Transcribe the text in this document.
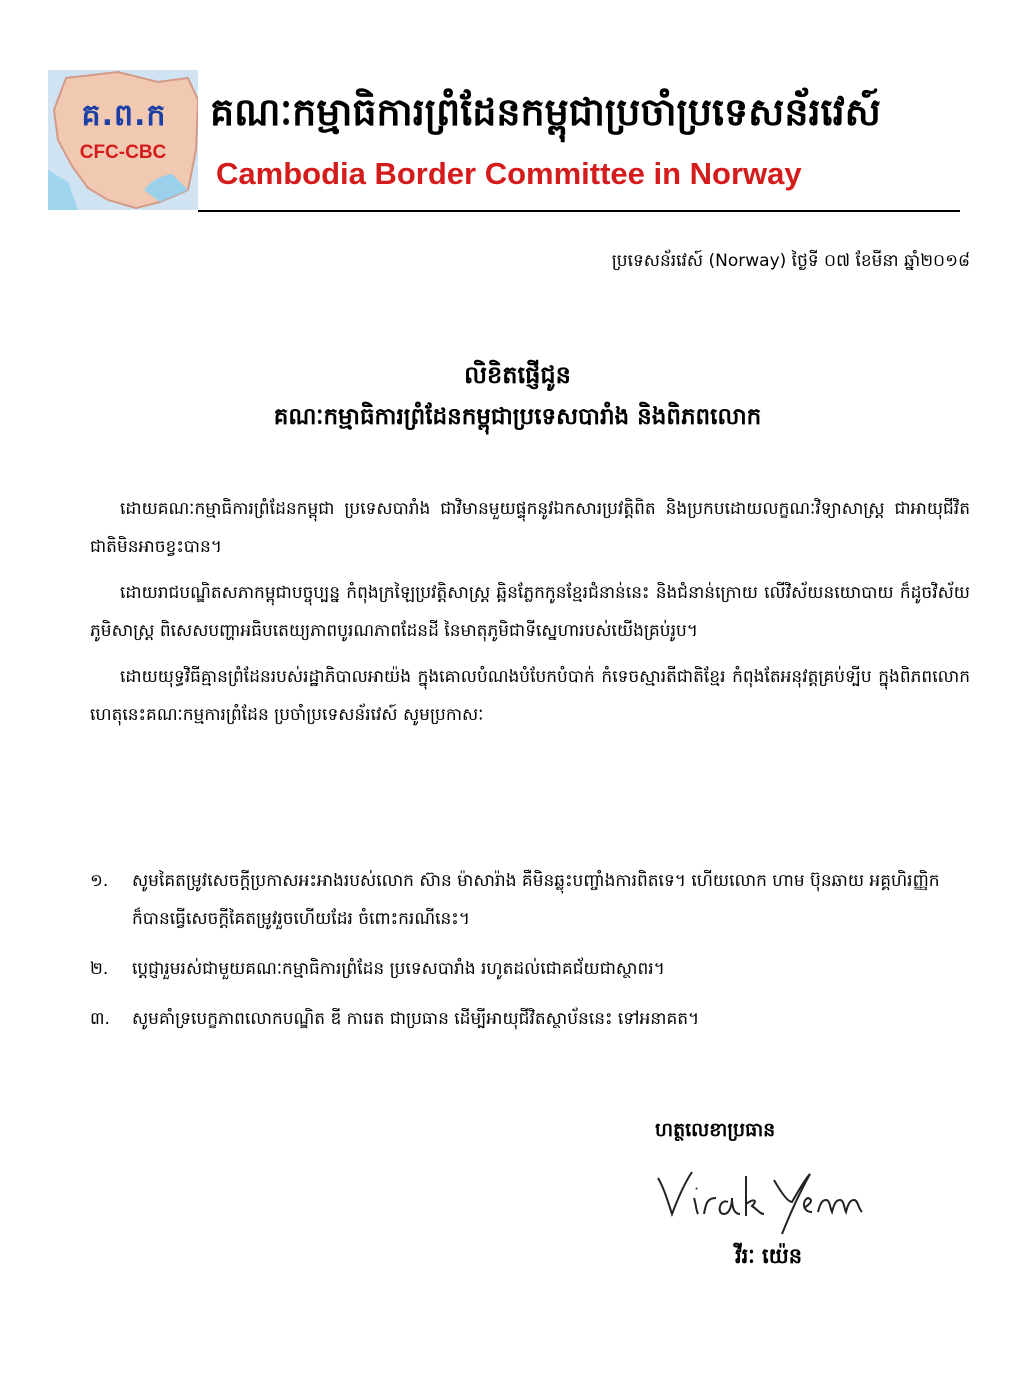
គ.ព.ក
CFC-CBC
គណៈកម្មាធិការព្រំដែនកម្ពុជាប្រចាំប្រទេសន័រវេស៍
Cambodia Border Committee in Norway
ប្រទេសន័រវេស៍ (Norway) ថ្ងៃទី ០៧ ខែមីនា ឆ្នាំ២០១៨
លិខិតផ្ញើជូន
គណៈកម្មាធិការព្រំដែនកម្ពុជាប្រទេសបារាំង និងពិភពលោក

ដោយគណៈកម្មាធិការព្រំដែនកម្ពុជា ប្រទេសបារាំង ជាវិមានមួយផ្ទុកនូវឯកសារប្រវត្តិពិត និងប្រកបដោយលក្ខណៈវិទ្យាសាស្ត្រ ជាអាយុជីវិតជាតិមិនអាចខ្វះបាន។

ដោយរាជបណ្ឌិតសភាកម្ពុជាបច្ចុប្បន្ន កំពុងក្រឡៃប្រវត្តិសាស្ត្រ ឆ្អិនភ្លែកកូនខ្មែរជំនាន់នេះ និងជំនាន់ក្រោយ លើវិស័យនយោបាយ ក៏ដូចវិស័យភូមិសាស្ត្រ ពិសេសបញ្ហាអធិបតេយ្យភាពបូរណភាពដែនដី នៃមាតុភូមិជាទីស្នេហារបស់យើងគ្រប់រូប។

ដោយយុទ្ធវិធីគ្មានព្រំដែនរបស់រដ្ឋាភិបាលអាយ៉ង ក្នុងគោលបំណងបំបែកបំបាក់ កំទេចស្មារតីជាតិខ្មែរ កំពុងតែអនុវត្តគ្រប់ទ្បីប ក្នុងពិភពលោក ហេតុនេះគណៈកម្មការព្រំដែន ប្រចាំប្រទេសន័រវេស៍ សូមប្រកាសៈ

១. សូមគៃតម្រូវសេចក្ដីប្រកាសអះអាងរបស់លោក ស៊ាន ម៉ាសារ៉ាង គឺមិនឆ្លុះបញ្ចាំងការពិតទេ។ ហើយលោក ហាម ប៊ុនឆាយ អគ្គហិរញ្ញិក ក៏បានធ្វើសេចក្ដីគៃតម្រូវរួចហើយដែរ ចំពោះករណីនេះ។
២. ប្ដេជ្ញារួមរស់ជាមួយគណៈកម្មាធិការព្រំដែន ប្រទេសបារាំង រហូតដល់ជោគជ័យជាស្ថាពរ។
៣. សូមគាំទ្របេក្ខភាពលោកបណ្ឌិត ឌី ការេត ជាប្រធាន ដើម្បីអាយុជីវិតស្ថាប័ននេះ ទៅអនាគត។
ហត្ថលេខាប្រធាន
វីរៈ យ៉េន
